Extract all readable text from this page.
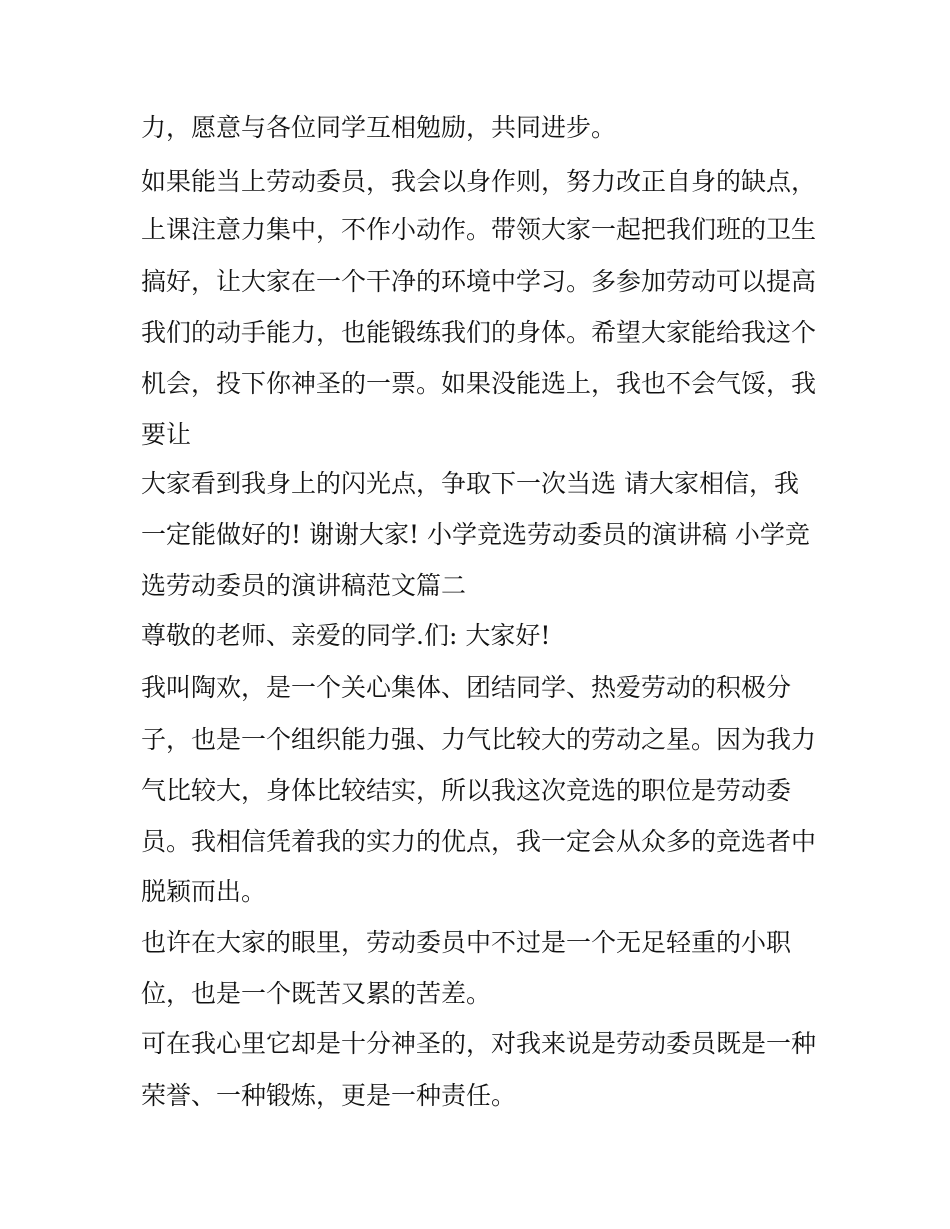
力，愿意与各位同学互相勉励，共同进步。

如果能当上劳动委员，我会以身作则，努力改正自身的缺点，

上课注意力集中，不作小动作。带领大家一起把我们班的卫生

搞好，让大家在一个干净的环境中学习。多参加劳动可以提高

我们的动手能力，也能锻练我们的身体。希望大家能给我这个

机会，投下你神圣的一票。如果没能选上，我也不会气馁，我

要让

大家看到我身上的闪光点，争取下一次当选 请大家相信，我

一定能做好的! 谢谢大家! 小学竞选劳动委员的演讲稿 小学竞

选劳动委员的演讲稿范文篇二

尊敬的老师、亲爱的同学.们: 大家好!

我叫陶欢，是一个关心集体、团结同学、热爱劳动的积极分

子，也是一个组织能力强、力气比较大的劳动之星。因为我力

气比较大，身体比较结实，所以我这次竞选的职位是劳动委

员。我相信凭着我的实力的优点，我一定会从众多的竞选者中

脱颖而出。

也许在大家的眼里，劳动委员中不过是一个无足轻重的小职

位，也是一个既苦又累的苦差。

可在我心里它却是十分神圣的，对我来说是劳动委员既是一种

荣誉、一种锻炼，更是一种责任。
